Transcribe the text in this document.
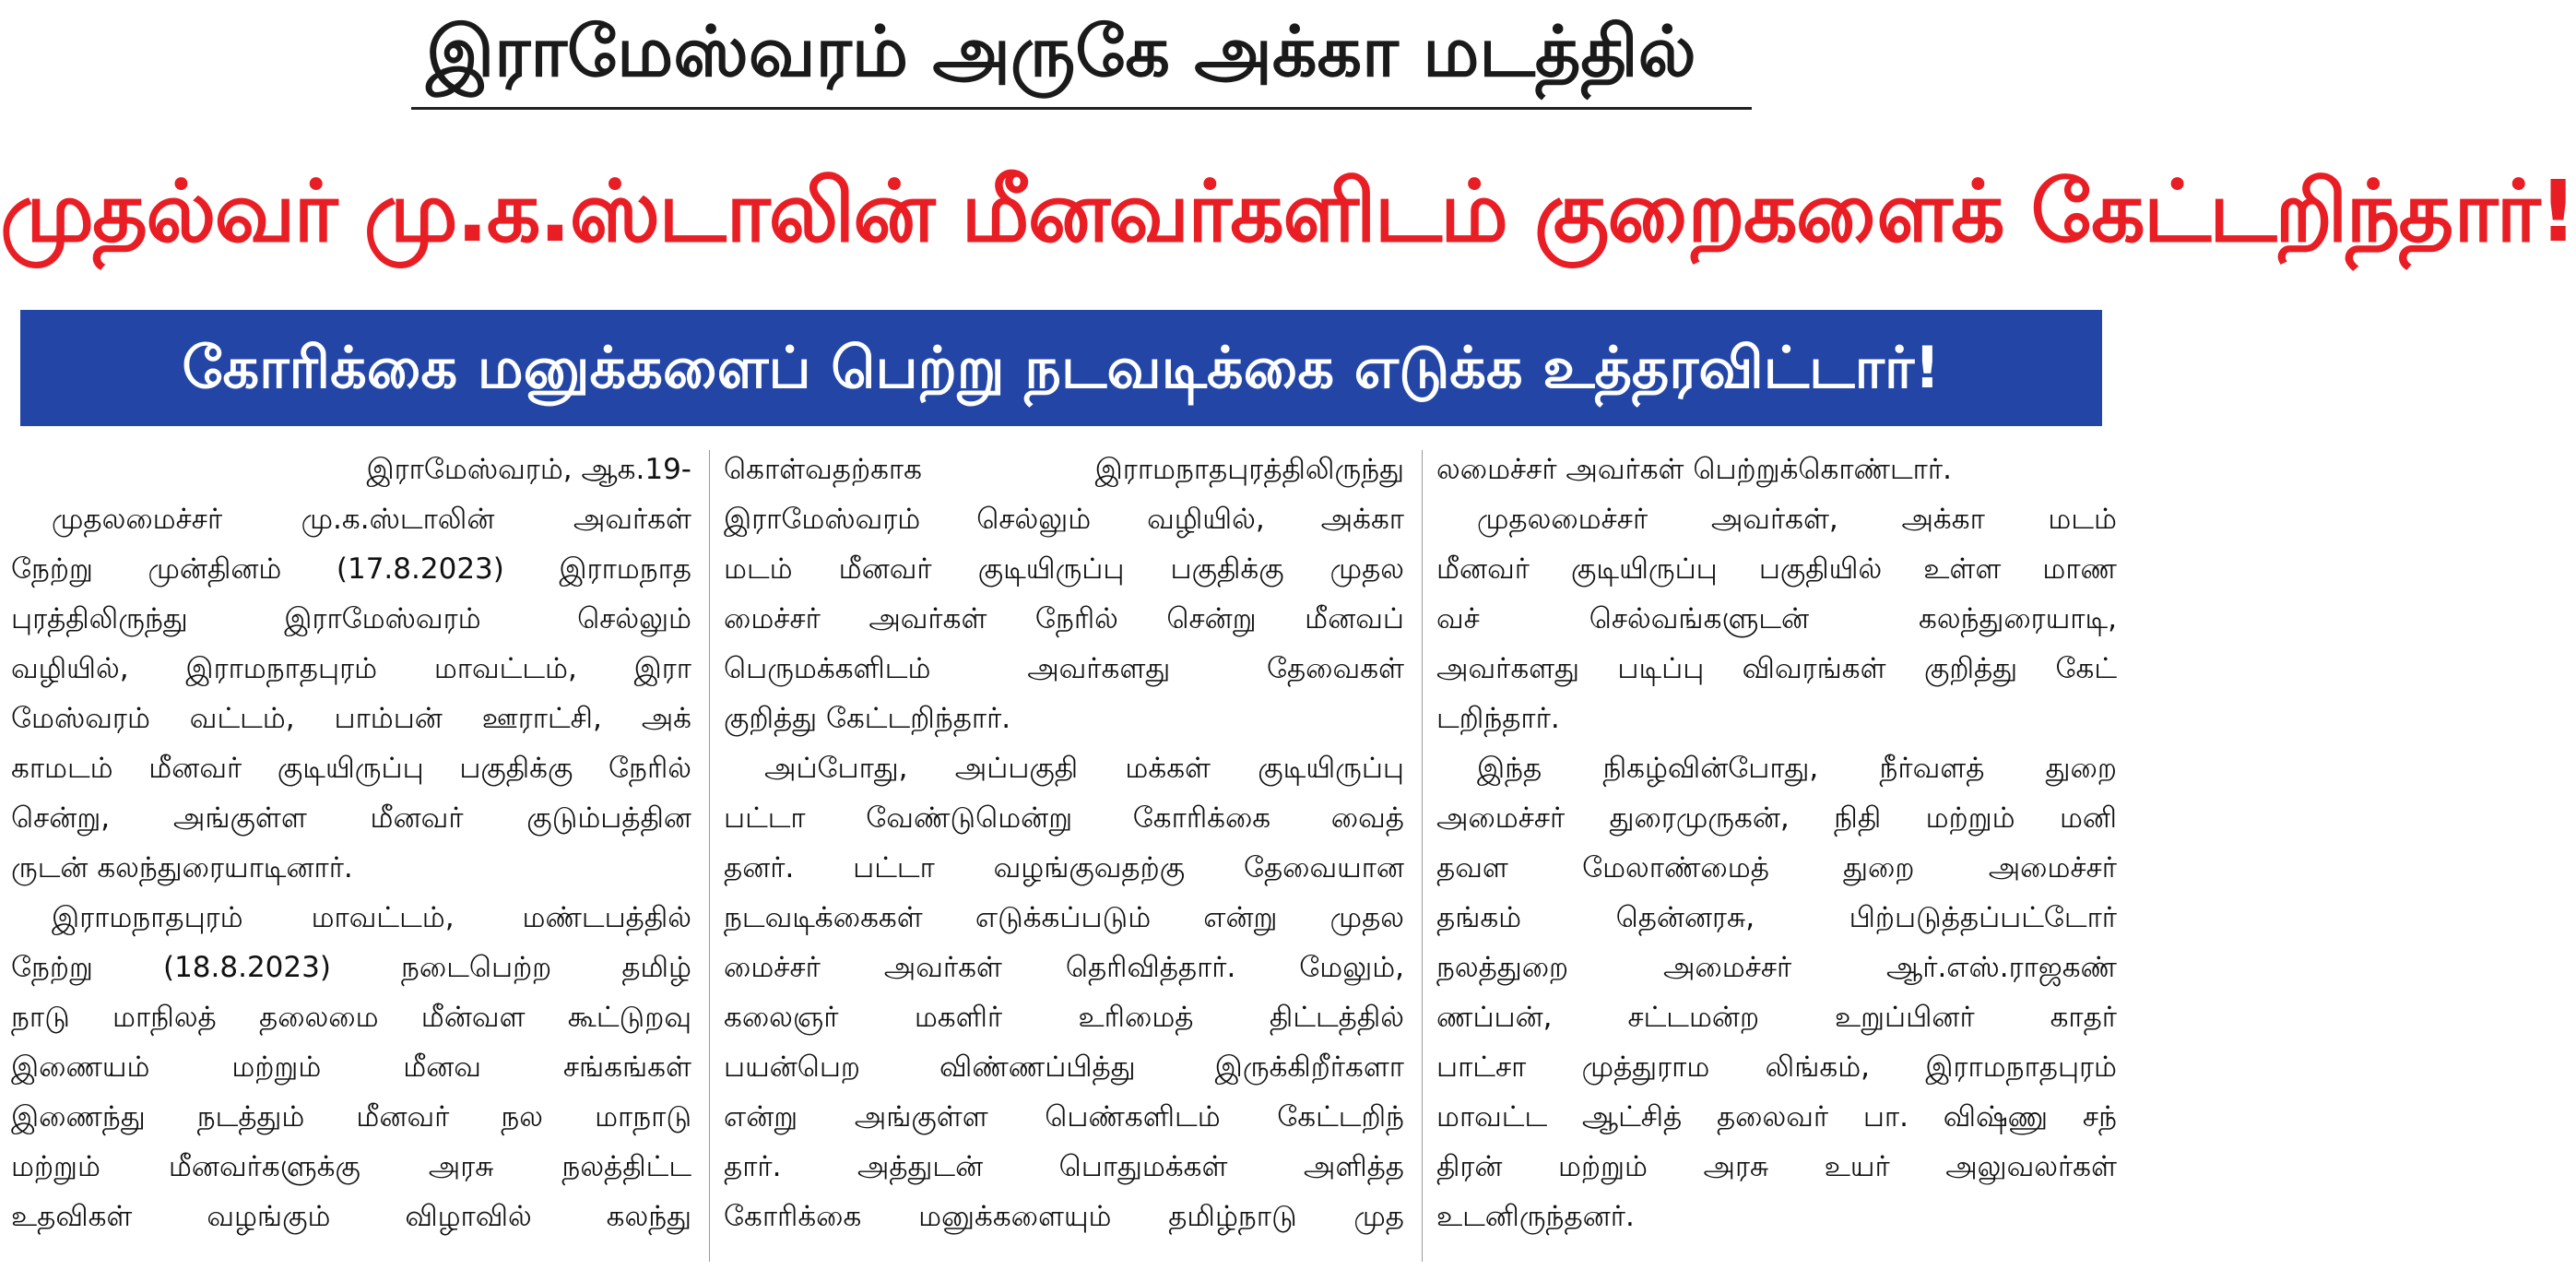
இராமேஸ்வரம் அருகே அக்கா மடத்தில்
முதல்வர் மு.க.ஸ்டாலின் மீனவர்களிடம் குறைகளைக் கேட்டறிந்தார்!
கோரிக்கை மனுக்களைப் பெற்று நடவடிக்கை எடுக்க உத்தரவிட்டார்!
இராமேஸ்வரம், ஆக.19-
முதலமைச்சர் மு.க.ஸ்டாலின் அவர்கள்
நேற்று முன்தினம் (17.8.2023) இராமநாத
புரத்திலிருந்து இராமேஸ்வரம் செல்லும்
வழியில், இராமநாதபுரம் மாவட்டம், இரா
மேஸ்வரம் வட்டம், பாம்பன் ஊராட்சி, அக்
காமடம் மீனவர் குடியிருப்பு பகுதிக்கு நேரில்
சென்று, அங்குள்ள மீனவர் குடும்பத்தின
ருடன் கலந்துரையாடினார்.
இராமநாதபுரம் மாவட்டம், மண்டபத்தில்
நேற்று (18.8.2023) நடைபெற்ற தமிழ்
நாடு மாநிலத் தலைமை மீன்வள கூட்டுறவு
இணையம் மற்றும் மீனவ சங்கங்கள்
இணைந்து நடத்தும் மீனவர் நல மாநாடு
மற்றும் மீனவர்களுக்கு அரசு நலத்திட்ட
உதவிகள் வழங்கும் விழாவில் கலந்து
கொள்வதற்காக இராமநாதபுரத்திலிருந்து
இராமேஸ்வரம் செல்லும் வழியில், அக்கா
மடம் மீனவர் குடியிருப்பு பகுதிக்கு முதல
மைச்சர் அவர்கள் நேரில் சென்று மீனவப்
பெருமக்களிடம் அவர்களது தேவைகள்
குறித்து கேட்டறிந்தார்.
அப்போது, அப்பகுதி மக்கள் குடியிருப்பு
பட்டா வேண்டுமென்று கோரிக்கை வைத்
தனர். பட்டா வழங்குவதற்கு தேவையான
நடவடிக்கைகள் எடுக்கப்படும் என்று முதல
மைச்சர் அவர்கள் தெரிவித்தார். மேலும்,
கலைஞர் மகளிர் உரிமைத் திட்டத்தில்
பயன்பெற விண்ணப்பித்து இருக்கிறீர்களா
என்று அங்குள்ள பெண்களிடம் கேட்டறிந்
தார். அத்துடன் பொதுமக்கள் அளித்த
கோரிக்கை மனுக்களையும் தமிழ்நாடு முத
லமைச்சர் அவர்கள் பெற்றுக்கொண்டார்.
முதலமைச்சர் அவர்கள், அக்கா மடம்
மீனவர் குடியிருப்பு பகுதியில் உள்ள மாண
வச் செல்வங்களுடன் கலந்துரையாடி,
அவர்களது படிப்பு விவரங்கள் குறித்து கேட்
டறிந்தார்.
இந்த நிகழ்வின்போது, நீர்வளத் துறை
அமைச்சர் துரைமுருகன், நிதி மற்றும் மனி
தவள மேலாண்மைத் துறை அமைச்சர்
தங்கம் தென்னரசு, பிற்படுத்தப்பட்டோர்
நலத்துறை அமைச்சர் ஆர்.எஸ்.ராஜகண்
ணப்பன், சட்டமன்ற உறுப்பினர் காதர்
பாட்சா முத்துராம லிங்கம், இராமநாதபுரம்
மாவட்ட ஆட்சித் தலைவர் பா. விஷ்ணு சந்
திரன் மற்றும் அரசு உயர் அலுவலர்கள்
உடனிருந்தனர்.
